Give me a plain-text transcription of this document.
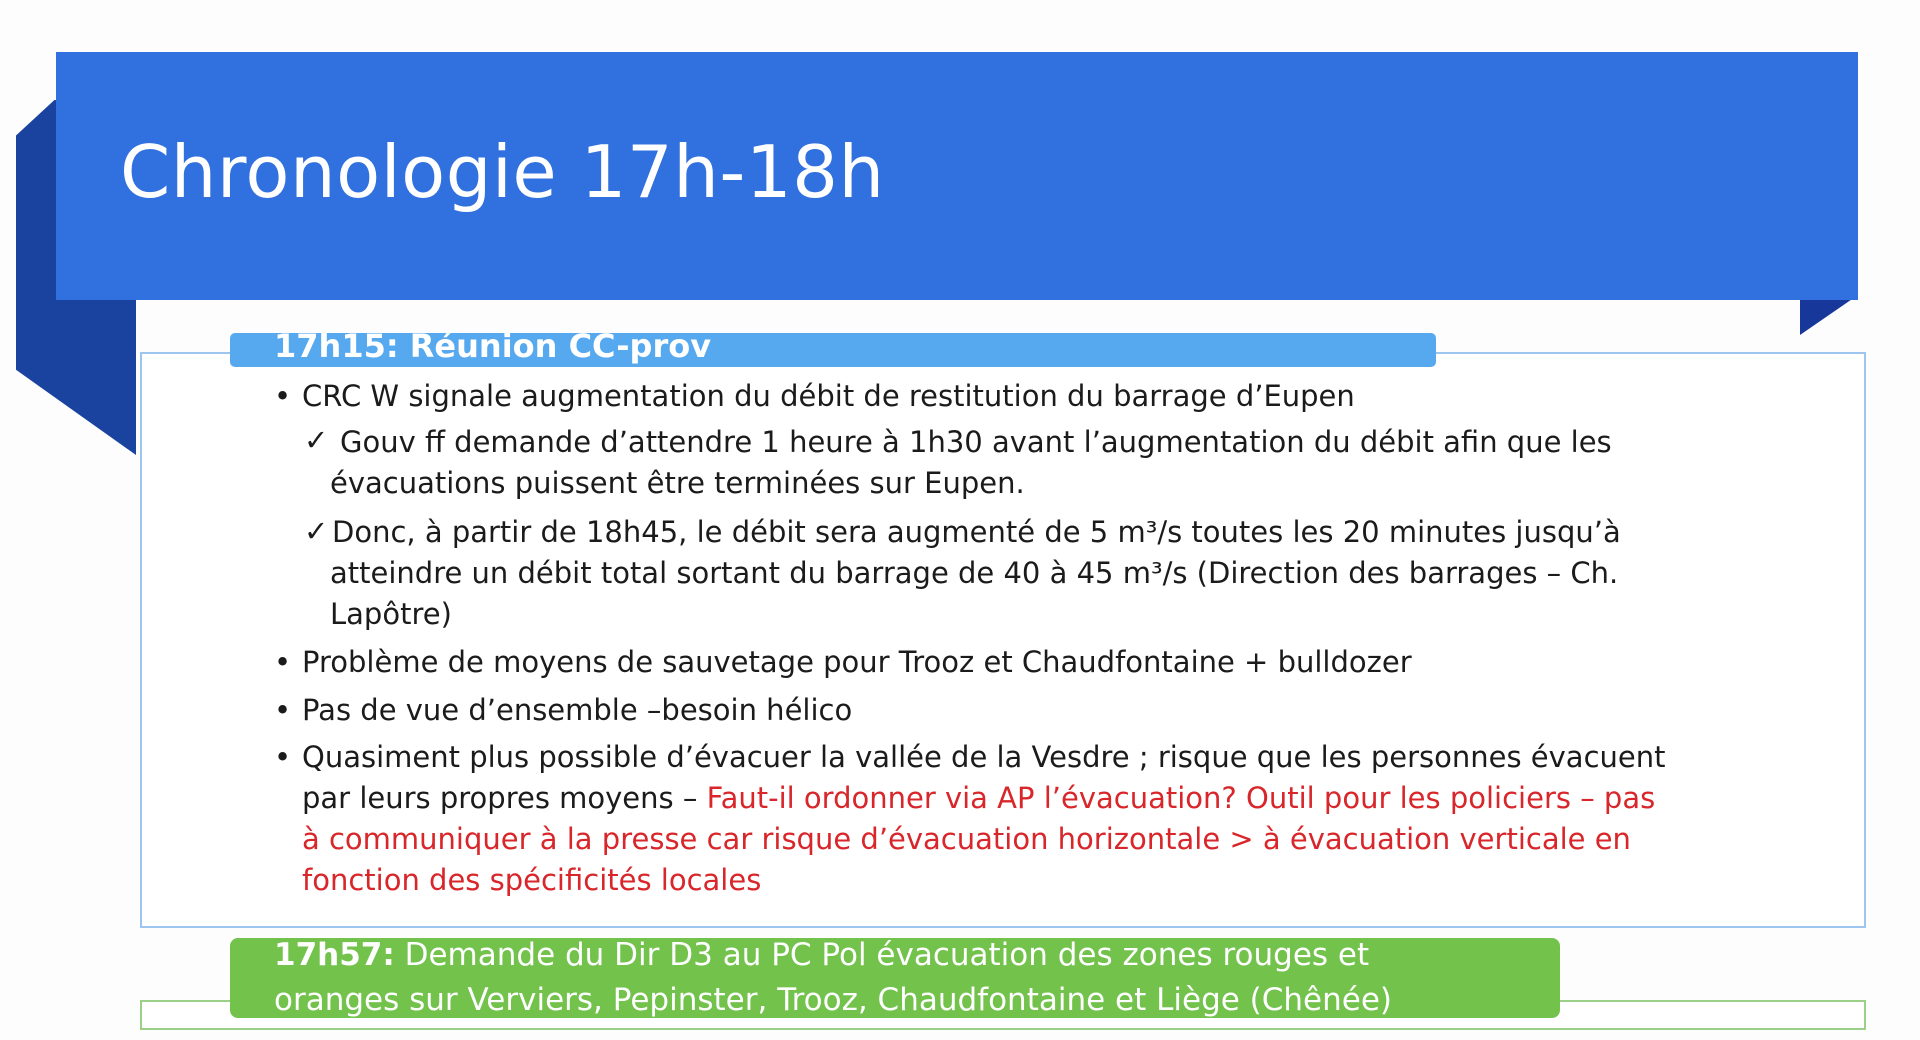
Chronologie 17h-18h
17h15: Réunion CC-prov
• CRC W signale augmentation du débit de restitution du barrage d’Eupen
✓ Gouv ff demande d’attendre 1 heure à 1h30 avant l’augmentation du débit afin que les
évacuations puissent être terminées sur Eupen.
✓ Donc, à partir de 18h45, le débit sera augmenté de 5 m³/s toutes les 20 minutes jusqu’à
atteindre un débit total sortant du barrage de 40 à 45 m³/s (Direction des barrages – Ch.
Lapôtre)
• Problème de moyens de sauvetage pour Trooz et Chaudfontaine + bulldozer
• Pas de vue d’ensemble –besoin hélico
• Quasiment plus possible d’évacuer la vallée de la Vesdre ; risque que les personnes évacuent
par leurs propres moyens – Faut-il ordonner via AP l’évacuation? Outil pour les policiers – pas
à communiquer à la presse car risque d’évacuation horizontale > à évacuation verticale en
fonction des spécificités locales
17h57: Demande du Dir D3 au PC Pol évacuation des zones rouges et
oranges sur Verviers, Pepinster, Trooz, Chaudfontaine et Liège (Chênée)
